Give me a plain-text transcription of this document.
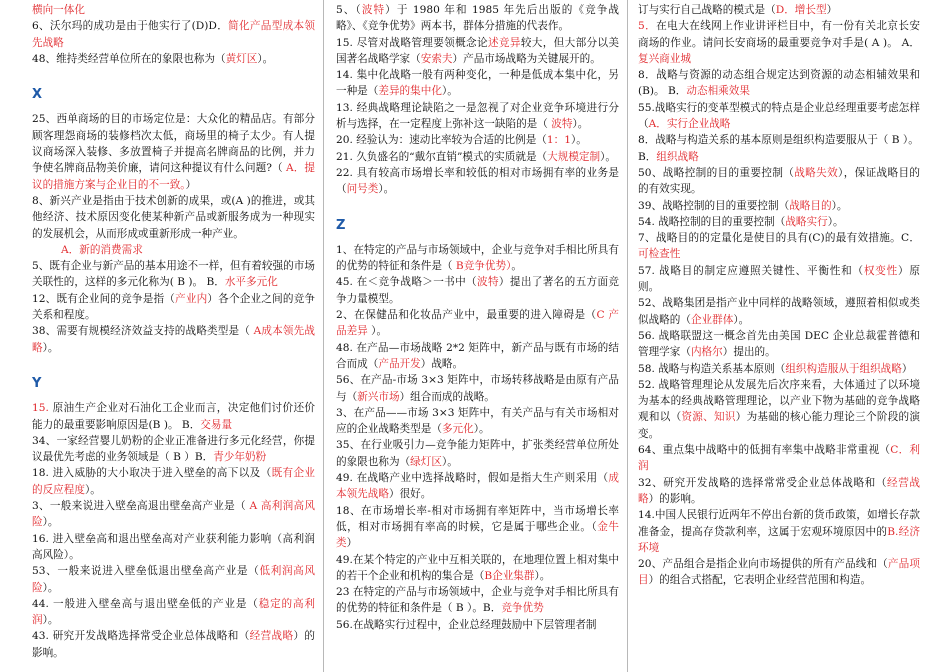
横向一体化

6、沃尔玛的成功是由于他实行了(D)D．简化产品型成本领先战略

48、维持类经营单位所在的象限也称为（黄灯区）。

X

25、西单商场的目的市场定位是：大众化的精品店。有部分顾客理怨商场的装修档次太低，商场里的椅子太少。有人提议商场深入装修、多放置椅子并提高名牌商品的比例，并力争使名牌商品物美价廉，请问这种提议有什么问题?（ A．提议的措施方案与企业目的不一致。）

8、新兴产业是指由于技术创新的成果，或(A )的推进，或其他经济、技术原因变化使某种新产品或新服务成为一种现实的发展机会，从而形成或重新形成一种产业。

A．新的消费需求

5、既有企业与新产品的基本用途不一样，但有着较强的市场关联性的，这样的多元化称为( B )。 B．水平多元化

12、既有企业间的竞争是指（产业内）各个企业之间的竞争关系和程度。

38、需要有规模经济效益支持的战略类型是（ A成本领先战略）。

Y

15. 原油生产企业对石油化工企业而言，决定他们讨价还价能力的最重要影响原因是(B )。 B．交易量

34、一家经营婴儿奶粉的企业正准备进行多元化经营，你提议最优先考虑的业务领域是（ B ）B．青少年奶粉

18. 进入威胁的大小取决于进入壁垒的高下以及（既有企业的反应程度）。

3、一般来说进入壁垒高退出壁垒高产业是（ A 高利润高风险）。

16. 进入壁垒高和退出壁垒高对产业获利能力影响（高利润高风险）。

53、一般来说进入壁垒低退出壁垒高产业是（低利润高风险）。

44. 一般进入壁垒高与退出壁垒低的产业是（稳定的高利润）。

43. 研究开发战略选择常受企业总体战略和（经营战略）的影响。

5、（波特）于 1980 年和 1985 年先后出版的《竞争战略》、《竞争优势》两本书，群体分措施的代表作。

15. 尽管对战略管理要领概念论述竞异较大，但大部分以美国著名战略学家（安索夫）产品市场战略为关键展开的。

14. 集中化战略一般有两种变化，一种是低成本集中化，另一种是（差异的集中化）。

13. 经典战略理论缺陷之一是忽视了对企业竞争环境进行分析与选择，在一定程度上弥补这一缺陷的是（ 波特）。

20. 经验认为：速动比率较为合适的比例是（1：1）。

21. 久负盛名的“戴尔直销”模式的实质就是（大规模定制）。

22. 具有较高市场增长率和较低的相对市场拥有率的业务是（问号类）。

Z

1、在特定的产品与市场领域中，企业与竞争对手相比所具有的优势的特征和条件是（ B竞争优势）。

45. 在＜竞争战略＞一书中（波特）提出了著名的五方面竞争力量模型。

2、在保健品和化妆品产业中，最重要的进入障碍是（C 产品差异 ）。

48. 在产品—市场战略 2*2 矩阵中，新产品与既有市场的结合而成（产品开发）战略。

56、在产品-市场 3×3 矩阵中，市场转移战略是由原有产品与（新兴市场）组合而成的战略。

3、在产品——市场 3×3 矩阵中，有关产品与有关市场相对应的企业战略类型是（多元化）。

35、在行业吸引力—竞争能力矩阵中，扩张类经营单位所处的象限也称为（绿灯区）。

49. 在战略产业中选择战略时，假如是指大生产则采用（成本领先战略）很好。

18、在市场增长率-相对市场拥有率矩阵中，当市场增长率低，相对市场拥有率高的时候，它是属于哪些企业。（金牛类）

49.在某个特定的产业中互相关联的，在地理位置上相对集中的若干个企业和机构的集合是（B企业集群）。

23 在特定的产品与市场领域中，企业与竞争对手相比所具有的优势的特征和条件是（ B ）。B．竞争优势

56.在战略实行过程中，企业总经理鼓励中下层管理者制

订与实行自己战略的模式是（D．增长型）

5．在电大在线网上作业讲评栏目中，有一份有关北京长安商场的作业。请问长安商场的最重要竞争对手是( A )。 A．复兴商业城

8．战略与资源的动态组合规定达到资源的动态相辅效果和(B)。 B．动态相乘效果

55.战略实行的变革型模式的特点是企业总经理重要考虑怎样（A．实行企业战略

8．战略与构造关系的基本原则是组织构造要服从于（ B ）。

B．组织战略

50、战略控制的目的重要控制（战略失效），保证战略目的的有效实现。

39、战略控制的目的重要控制（战略目的）。

54. 战略控制的目的重要控制（战略实行）。

7、战略目的的定量化是使目的具有(C)的最有效措施。C．可检查性

57. 战略目的制定应遵照关键性、平衡性和（权变性）原则。

52、战略集团是指产业中同样的战略领域，遵照着相似或类似战略的（企业群体）。

56. 战略联盟这一概念首先由美国 DEC 企业总裁霍普德和管理学家（内格尔）提出的。

58. 战略与构造关系基本原则（组织构造服从于组织战略）

52. 战略管理理论从发展先后次序来看，大体通过了以环境为基本的经典战略管理理论，以产业下物为基础的竞争战略观和以（资源、知识）为基础的核心能力理论三个阶段的演变。

64、重点集中战略中的低拥有率集中战略非常重视（C．利润

32、研究开发战略的选择常常受企业总体战略和（经营战略）的影响。

14.中国人民银行近两年不停出台新的货币政策，如增长存款准备金，提高存贷款利率，这属于宏观环境原因中的B.经济环境

20、产品组合是指企业向市场提供的所有产品线和（产品项目）的组合式搭配，它表明企业经营范围和构造。
